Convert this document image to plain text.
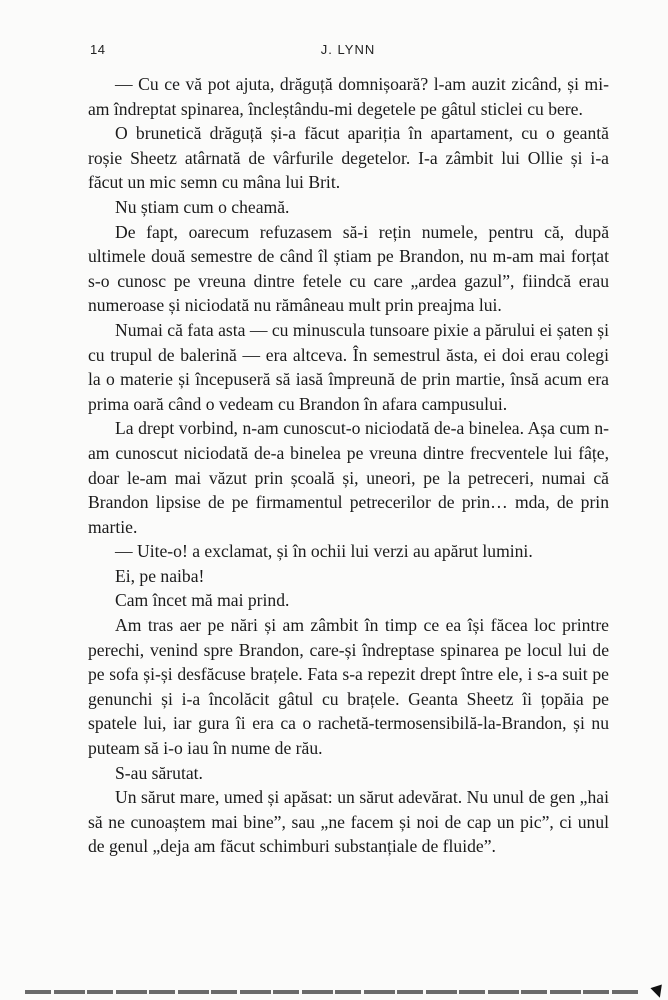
14	J. LYNN

— Cu ce vă pot ajuta, drăguță domnișoară? l-am auzit zicând, și mi-am îndreptat spinarea, încleștându-mi degetele pe gâtul sticlei cu bere.

O brunetică drăguță și-a făcut apariția în apartament, cu o geantă roșie Sheetz atârnată de vârfurile degetelor. I-a zâmbit lui Ollie și i-a făcut un mic semn cu mâna lui Brit.

Nu știam cum o cheamă.

De fapt, oarecum refuzasem să-i rețin numele, pentru că, după ultimele două semestre de când îl știam pe Brandon, nu m-am mai forțat s-o cunosc pe vreuna dintre fetele cu care „ardea gazul”, fiindcă erau numeroase și niciodată nu rămâneau mult prin preajma lui.

Numai că fata asta — cu minuscula tunsoare pixie a părului ei șaten și cu trupul de balerină — era altceva. În semestrul ăsta, ei doi erau colegi la o materie și începuseră să iasă împreună de prin martie, însă acum era prima oară când o vedeam cu Brandon în afara campusului.

La drept vorbind, n-am cunoscut-o niciodată de-a binelea. Așa cum n-am cunoscut niciodată de-a binelea pe vreuna dintre frecventele lui fâțe, doar le-am mai văzut prin școală și, uneori, pe la petreceri, numai că Brandon lipsise de pe firmamentul petrecerilor de prin… mda, de prin martie.

— Uite-o! a exclamat, și în ochii lui verzi au apărut lumini.

Ei, pe naiba!

Cam încet mă mai prind.

Am tras aer pe nări și am zâmbit în timp ce ea își făcea loc printre perechi, venind spre Brandon, care-și îndreptase spinarea pe locul lui de pe sofa și-și desfăcuse brațele. Fata s-a repezit drept între ele, i s-a suit pe genunchi și i-a încolăcit gâtul cu brațele. Geanta Sheetz îi țopăia pe spatele lui, iar gura îi era ca o rachetă-termosensibilă-la-Brandon, și nu puteam să i-o iau în nume de rău.

S-au sărutat.

Un sărut mare, umed și apăsat: un sărut adevărat. Nu unul de gen „hai să ne cunoaștem mai bine”, sau „ne facem și noi de cap un pic”, ci unul de genul „deja am făcut schimburi substanțiale de fluide”.
